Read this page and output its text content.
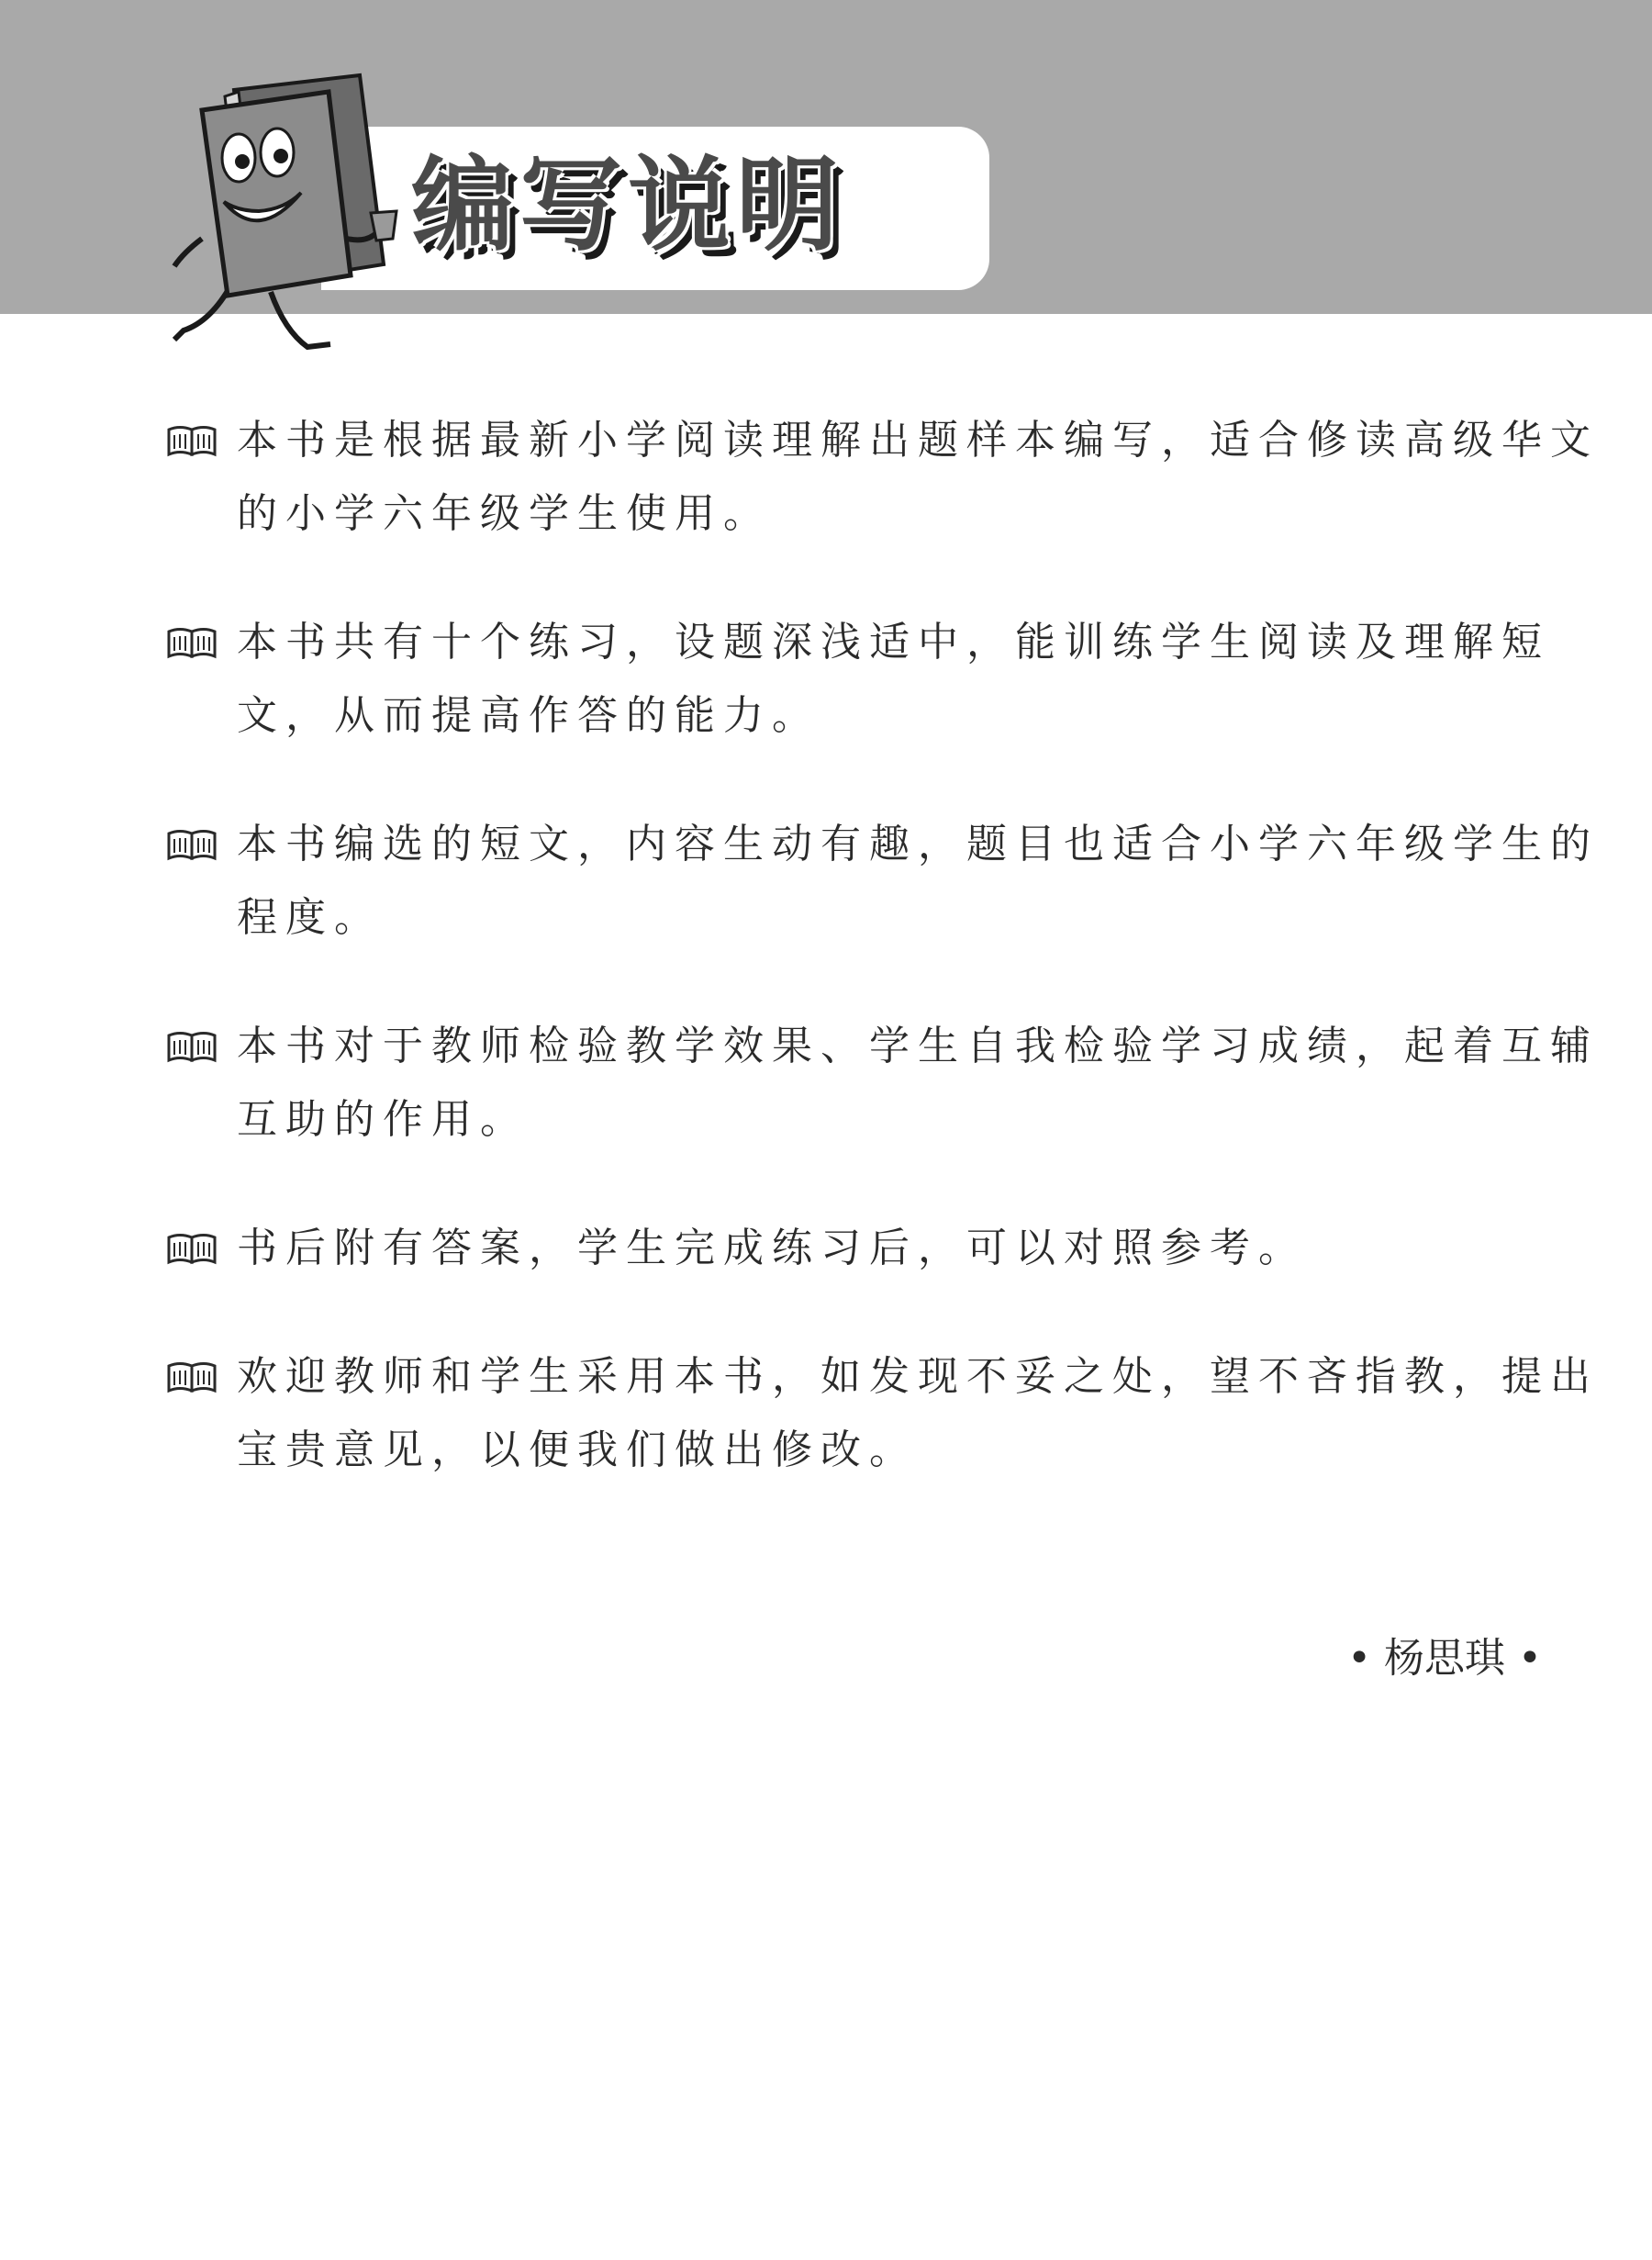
编写说明
本书是根据最新小学阅读理解出题样本编写，适合修读高级华文的小学六年级学生使用。
本书共有十个练习，设题深浅适中，能训练学生阅读及理解短文，从而提高作答的能力。
本书编选的短文，内容生动有趣，题目也适合小学六年级学生的程度。
本书对于教师检验教学效果、学生自我检验学习成绩，起着互辅互助的作用。
书后附有答案，学生完成练习后，可以对照参考。
欢迎教师和学生采用本书，如发现不妥之处，望不吝指教，提出宝贵意见，以便我们做出修改。
• 杨思琪 •
